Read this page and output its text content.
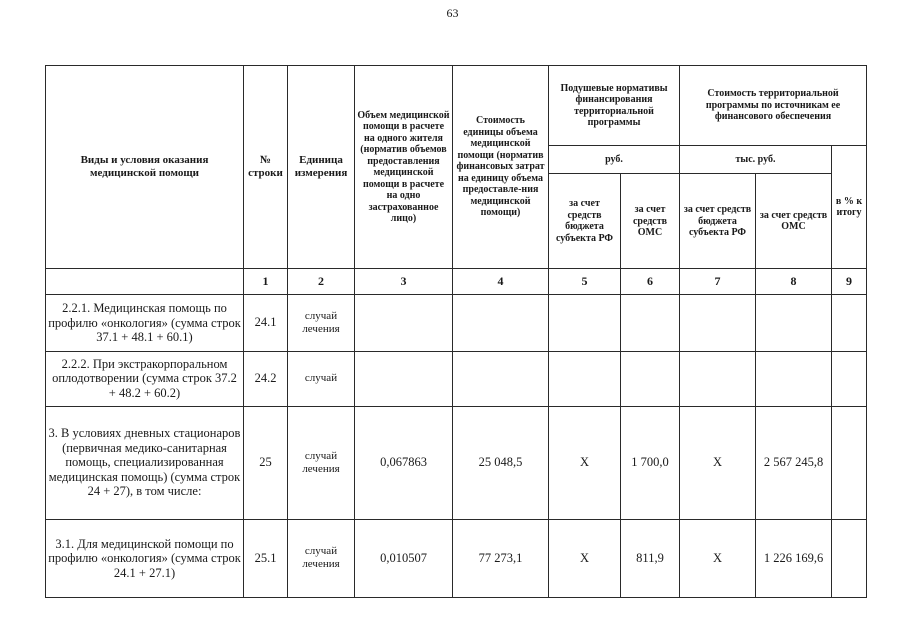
63
Виды и условия оказания медицинской помощи	№ строки	Единица измерения	Объем медицинской помощи в расчете на одного жителя (норматив объемов предоставления медицинской помощи в расчете на одно застрахованное лицо)	Стоимость единицы объема медицинской помощи (норматив финансовых затрат на единицу объема предоставле-ния медицинской помощи)	Подушевые нормативы финансирования территориальной программы		Стоимость территориальной программы по источникам ее финансового обеспечения		
					руб.		тыс. руб.		в % к итогу
					за счет средств бюджета субъекта РФ	за счет средств ОМС	за счет средств бюджета субъекта РФ	за счет средств ОМС	
	1	2	3	4	5	6	7	8	9
2.2.1. Медицинская помощь по профилю «онкология» (сумма строк 37.1 + 48.1 + 60.1)	24.1	случай лечения							
2.2.2. При экстракорпоральном оплодотворении (сумма строк 37.2 + 48.2 + 60.2)	24.2	случай							
3. В условиях дневных стационаров (первичная медико-санитарная помощь, специализированная медицинская помощь) (сумма строк 24 + 27), в том числе:	25	случай лечения	0,067863	25 048,5	Х	1 700,0	Х	2 567 245,8	
3.1. Для медицинской помощи по профилю «онкология» (сумма строк 24.1 + 27.1)	25.1	случай лечения	0,010507	77 273,1	Х	811,9	Х	1 226 169,6	
